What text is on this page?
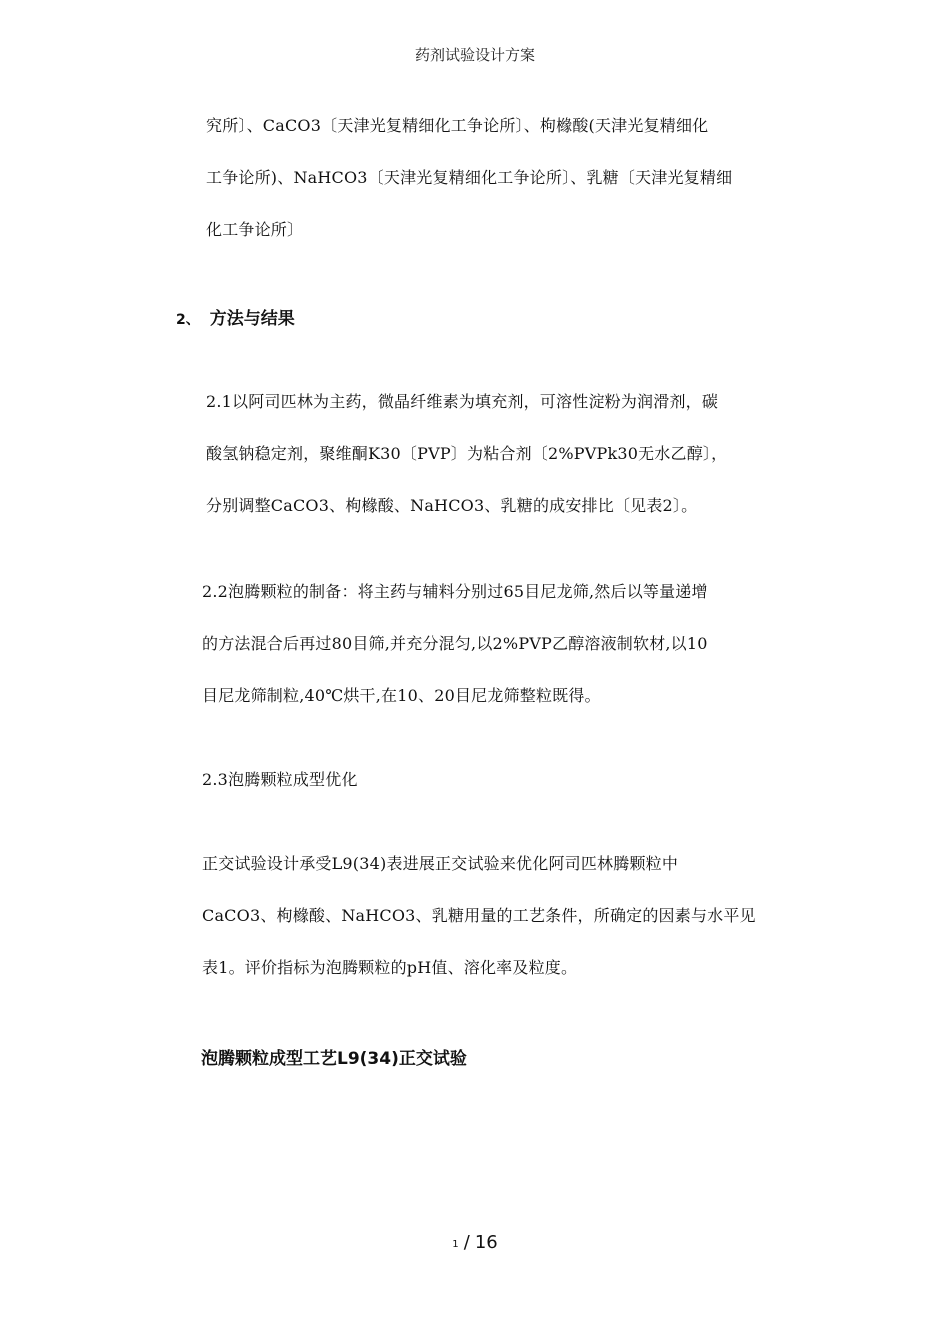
药剂试验设计方案
究所〕、CaCO3〔天津光复精细化工争论所〕、枸橼酸(天津光复精细化
工争论所)、NaHCO3〔天津光复精细化工争论所〕、乳糖〔天津光复精细
化工争论所〕
2、 方法与结果
2.1以阿司匹林为主药，微晶纤维素为填充剂，可溶性淀粉为润滑剂，碳
酸氢钠稳定剂，聚维酮K30〔PVP〕为粘合剂〔2%PVPk30无水乙醇〕，
分别调整CaCO3、枸橼酸、NaHCO3、乳糖的成安排比〔见表2〕。
2.2泡腾颗粒的制备：将主药与辅料分别过65目尼龙筛,然后以等量递增
的方法混合后再过80目筛,并充分混匀,以2%PVP乙醇溶液制软材,以10
目尼龙筛制粒,40℃烘干,在10、20目尼龙筛整粒既得。
2.3泡腾颗粒成型优化
正交试验设计承受L9(34)表进展正交试验来优化阿司匹林腾颗粒中
CaCO3、枸橼酸、NaHCO3、乳糖用量的工艺条件，所确定的因素与水平见
表1。评价指标为泡腾颗粒的pH值、溶化率及粒度。
泡腾颗粒成型工艺L9(34)正交试验
1 / 16
